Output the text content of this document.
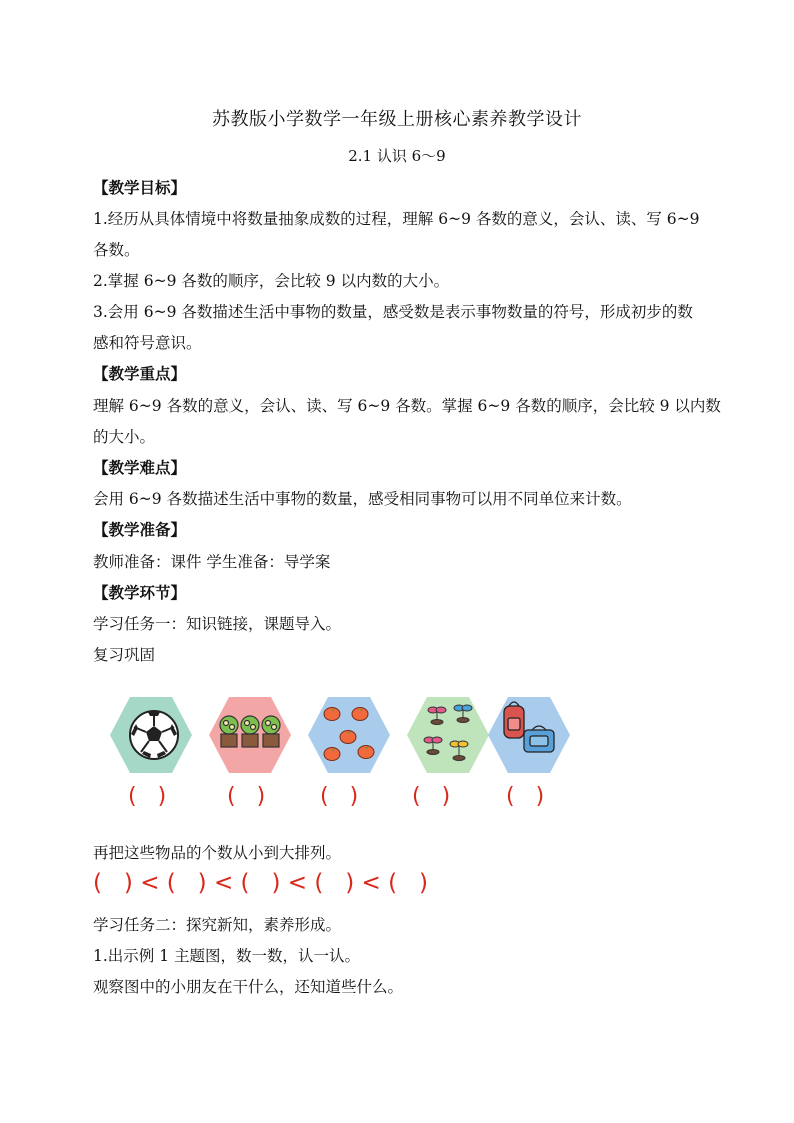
苏教版小学数学一年级上册核心素养教学设计
2.1 认识 6～9
【教学目标】
1.经历从具体情境中将数量抽象成数的过程，理解 6~9 各数的意义，会认、读、写 6~9
各数。
2.掌握 6~9 各数的顺序，会比较 9 以内数的大小。
3.会用 6~9 各数描述生活中事物的数量，感受数是表示事物数量的符号，形成初步的数
感和符号意识。
【教学重点】
理解 6~9 各数的意义，会认、读、写 6~9 各数。掌握 6~9 各数的顺序，会比较 9 以内数
的大小。
【教学难点】
会用 6~9 各数描述生活中事物的数量，感受相同事物可以用不同单位来计数。
【教学准备】
教师准备：课件 学生准备：导学案
【教学环节】
学习任务一：知识链接，课题导入。
复习巩固
(   )	(   ) (   ) (   )	(   )
再把这些物品的个数从小到大排列。
(   ) < (   ) < (   ) < (   ) < (   )
学习任务二：探究新知，素养形成。
1.出示例 1 主题图，数一数，认一认。
观察图中的小朋友在干什么，还知道些什么。
